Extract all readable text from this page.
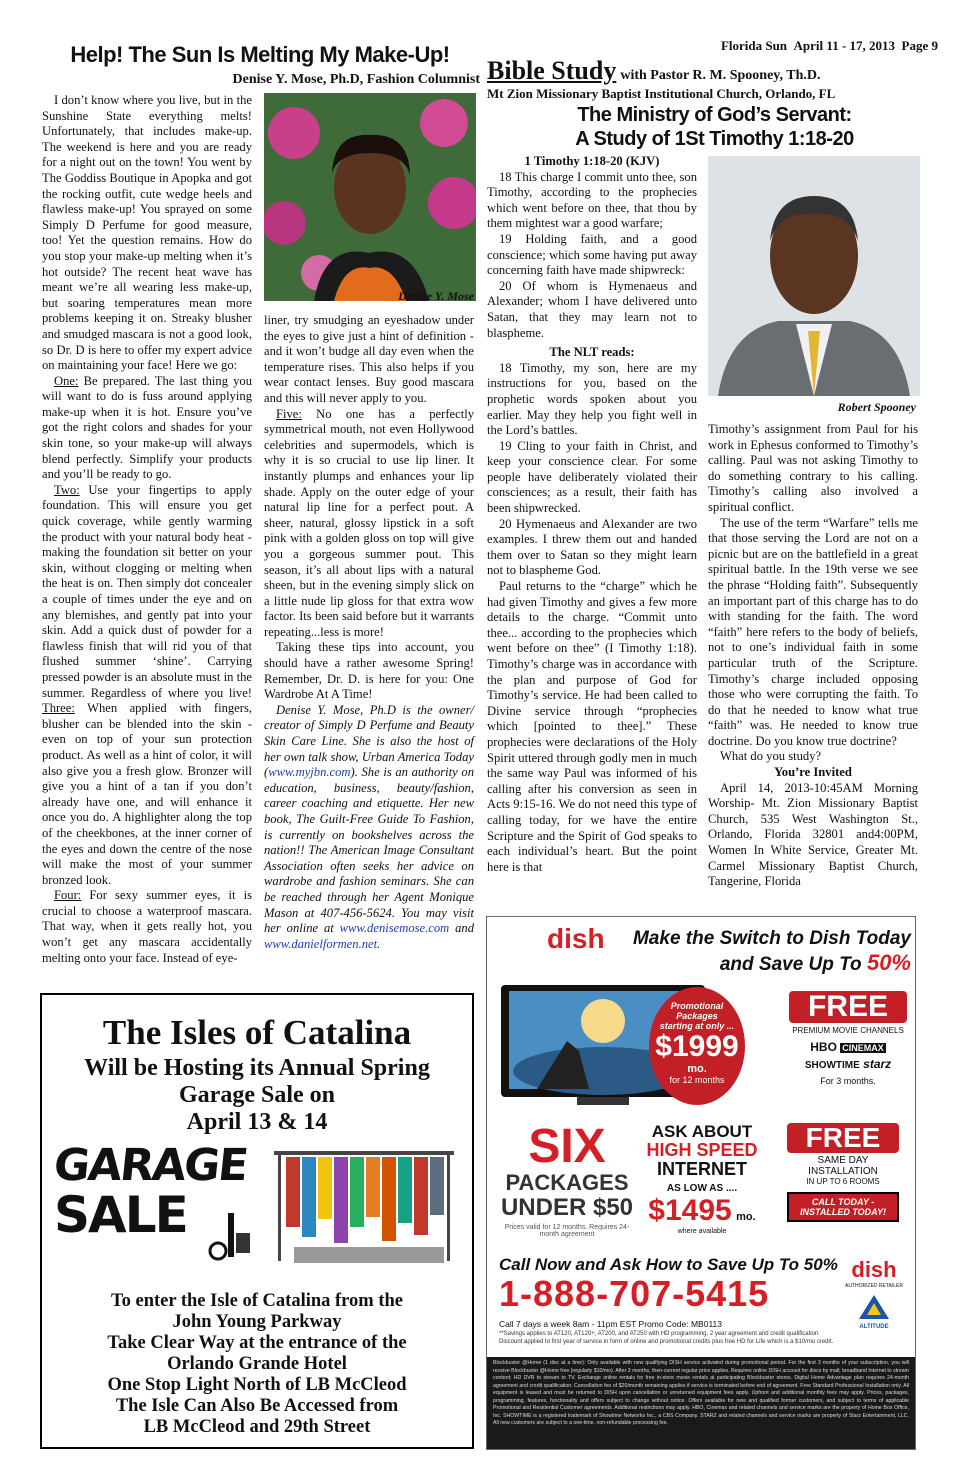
Florida Sun April 11 - 17, 2013 Page 9
Help! The Sun Is Melting My Make-Up!
Denise Y. Mose, Ph.D, Fashion Columnist
Denise Y. Mose

I don’t know where you live, but in the Sunshine State everything melts! Unfortunately, that includes make-up. The weekend is here and you are ready for a night out on the town! You went by The Goddiss Boutique in Apopka and got the rocking outfit, cute wedge heels and flawless make-up! You sprayed on some Simply D Perfume for good measure, too! Yet the question remains. How do you stop your make-up melting when it’s hot outside? The recent heat wave has meant we’re all wearing less make-up, but soaring temperatures mean more problems keeping it on. Streaky blusher and smudged mascara is not a good look, so Dr. D is here to offer my expert advice on maintaining your face! Here we go:

One: Be prepared. The last thing you will want to do is fuss around applying make-up when it is hot. Ensure you’ve got the right colors and shades for your skin tone, so your make-up will always blend perfectly. Simplify your products and you’ll be ready to go.

Two: Use your fingertips to apply foundation. This will ensure you get quick coverage, while gently warming the product with your natural body heat - making the foundation sit better on your skin, without clogging or melting when the heat is on. Then simply dot concealer a couple of times under the eye and on any blemishes, and gently pat into your skin. Add a quick dust of powder for a flawless finish that will rid you of that flushed summer ‘shine’. Carrying pressed powder is an absolute must in the summer. Regardless of where you live! Three: When applied with fingers, blusher can be blended into the skin - even on top of your sun protection product. As well as a hint of color, it will also give you a fresh glow. Bronzer will give you a hint of a tan if you don’t already have one, and will enhance it once you do. A highlighter along the top of the cheekbones, at the inner corner of the eyes and down the centre of the nose will make the most of your summer bronzed look.

Four: For sexy summer eyes, it is crucial to choose a waterproof mascara. That way, when it gets really hot, you won’t get any mascara accidentally melting onto your face. Instead of eye-

liner, try smudging an eyeshadow under the eyes to give just a hint of definition - and it won’t budge all day even when the temperature rises. This also helps if you wear contact lenses. Buy good mascara and this will never apply to you.

Five: No one has a perfectly symmetrical mouth, not even Hollywood celebrities and supermodels, which is why it is so crucial to use lip liner. It instantly plumps and enhances your lip shade. Apply on the outer edge of your natural lip line for a perfect pout. A sheer, natural, glossy lipstick in a soft pink with a golden gloss on top will give you a gorgeous summer pout. This season, it’s all about lips with a natural sheen, but in the evening simply slick on a little nude lip gloss for that extra wow factor. Its been said before but it warrants repeating...less is more!

Taking these tips into account, you should have a rather awesome Spring! Remember, Dr. D. is here for you: One Wardrobe At A Time!

Denise Y. Mose, Ph.D is the owner/ creator of Simply D Perfume and Beauty Skin Care Line. She is also the host of her own talk show, Urban America Today (www.myjbn.com). She is an authority on education, business, beauty/fashion, career coaching and etiquette. Her new book, The Guilt-Free Guide To Fashion, is currently on bookshelves across the nation!! The American Image Consultant Association often seeks her advice on wardrobe and fashion seminars. She can be reached through her Agent Monique Mason at 407-456-5624. You may visit her online at www.denisemose.com and www.danielformen.net.

Bible Study with Pastor R. M. Spooney, Th.D.
Mt Zion Missionary Baptist Institutional Church, Orlando, FL
The Ministry of God’s Servant:
A Study of 1St Timothy 1:18-20
1 Timothy 1:18-20 (KJV)

18 This charge I commit unto thee, son Timothy, according to the prophecies which went before on thee, that thou by them mightest war a good warfare;

19 Holding faith, and a good conscience; which some having put away concerning faith have made shipwreck:

20 Of whom is Hymenaeus and Alexander; whom I have delivered unto Satan, that they may learn not to blaspheme.

The NLT reads:

18 Timothy, my son, here are my instructions for you, based on the prophetic words spoken about you earlier. May they help you fight well in the Lord’s battles.

19 Cling to your faith in Christ, and keep your conscience clear. For some people have deliberately violated their consciences; as a result, their faith has been shipwrecked.

20 Hymenaeus and Alexander are two examples. I threw them out and handed them over to Satan so they might learn not to blaspheme God.

Paul returns to the “charge” which he had given Timothy and gives a few more details to the charge. “Commit unto thee... according to the prophecies which went before on thee” (I Timothy 1:18). Timothy’s charge was in accordance with the plan and purpose of God for Timothy’s service. He had been called to Divine service through “prophecies which [pointed to thee].” These prophecies were declarations of the Holy Spirit uttered through godly men in much the same way Paul was informed of his calling after his conversion as seen in Acts 9:15-16. We do not need this type of calling today, for we have the entire Scripture and the Spirit of God speaks to each individual’s heart. But the point here is that

Robert Spooney

Timothy’s assignment from Paul for his work in Ephesus conformed to Timothy’s calling. Paul was not asking Timothy to do something contrary to his calling. Timothy’s calling also involved a spiritual conflict.

The use of the term “Warfare” tells me that those serving the Lord are not on a picnic but are on the battlefield in a great spiritual battle. In the 19th verse we see the phrase “Holding faith”. Subsequently an important part of this charge has to do with standing for the faith. The word “faith” here refers to the body of beliefs, not to one’s individual faith in some particular truth of the Scripture. Timothy’s charge included opposing those who were corrupting the faith. To do that he needed to know what true “faith” was. He needed to know true doctrine. Do you know true doctrine?

What do you study?

You’re Invited

April 14, 2013-10:45AM Morning Worship- Mt. Zion Missionary Baptist Church, 535 West Washington St., Orlando, Florida 32801 and4:00PM, Women In White Service, Greater Mt. Carmel Missionary Baptist Church, Tangerine, Florida

The Isles of Catalina
Will be Hosting its Annual Spring
Garage Sale on
April 13 & 14
GARAGE
SALE
To enter the Isle of Catalina from the
John Young Parkway
Take Clear Way at the entrance of the
Orlando Grande Hotel
One Stop Light North of LB McCleod
The Isle Can Also Be Accessed from
LB McCleod and 29th Street
dish	Make the Switch to Dish Today
and Save Up To 50%
Promotional Packages starting at only ...
$1999
mo.
for 12 months
FREE
PREMIUM MOVIE CHANNELS
HBO CINEMAX
SHOWTIME starz
For 3 months.
SIX
PACKAGES
UNDER $50
Prices valid for 12 months. Requires 24-month agreement
ASK ABOUT
HIGH SPEED
INTERNET
AS LOW AS ....
$1495 mo.
where available
FREE
SAME DAY
INSTALLATION
IN UP TO 6 ROOMS
CALL TODAY - INSTALLED TODAY!
Call Now and Ask How to Save Up To 50%
1-888-707-5415
Call 7 days a week 8am - 11pm EST Promo Code: MB0113
**Savings applies to AT120, AT120+, AT200, and AT250 with HD programming, 2 year agreement and credit qualification. Discount applied to first year of service in form of online and promotional credits plus free HD for Life which is a $10/mo credit.
dish
AUTHORIZED RETAILER
ALTITUDE
Blockbuster @Home (1 disc at a time): Only available with new qualifying DISH service activated during promotional period. For the first 3 months of your subscription, you will receive Blockbuster @Home free (regularly $10/mo). After 3 months, then-current regular price applies. Requires online DISH account for discs by mail; broadband Internet to stream content; HD DVR to stream to TV. Exchange online rentals for free in-store movie rentals at participating Blockbuster stores. Digital Home Advantage plan requires 24-month agreement and credit qualification. Cancellation fee of $20/month remaining applies if service is terminated before end of agreement. Free Standard Professional Installation only. All equipment is leased and must be returned to DISH upon cancellation or unreturned equipment fees apply. Upfront and additional monthly fees may apply. Prices, packages, programming, features, functionality and offers subject to change without notice. Offers available for new and qualified former customers, and subject to terms of applicable Promotional and Residential Customer agreements. Additional restrictions may apply. HBO, Cinemax and related channels and service marks are the property of Home Box Office, Inc. SHOWTIME is a registered trademark of Showtime Networks Inc., a CBS Company. STARZ and related channels and service marks are property of Starz Entertainment, LLC. All new customers are subject to a one-time, non-refundable processing fee.
